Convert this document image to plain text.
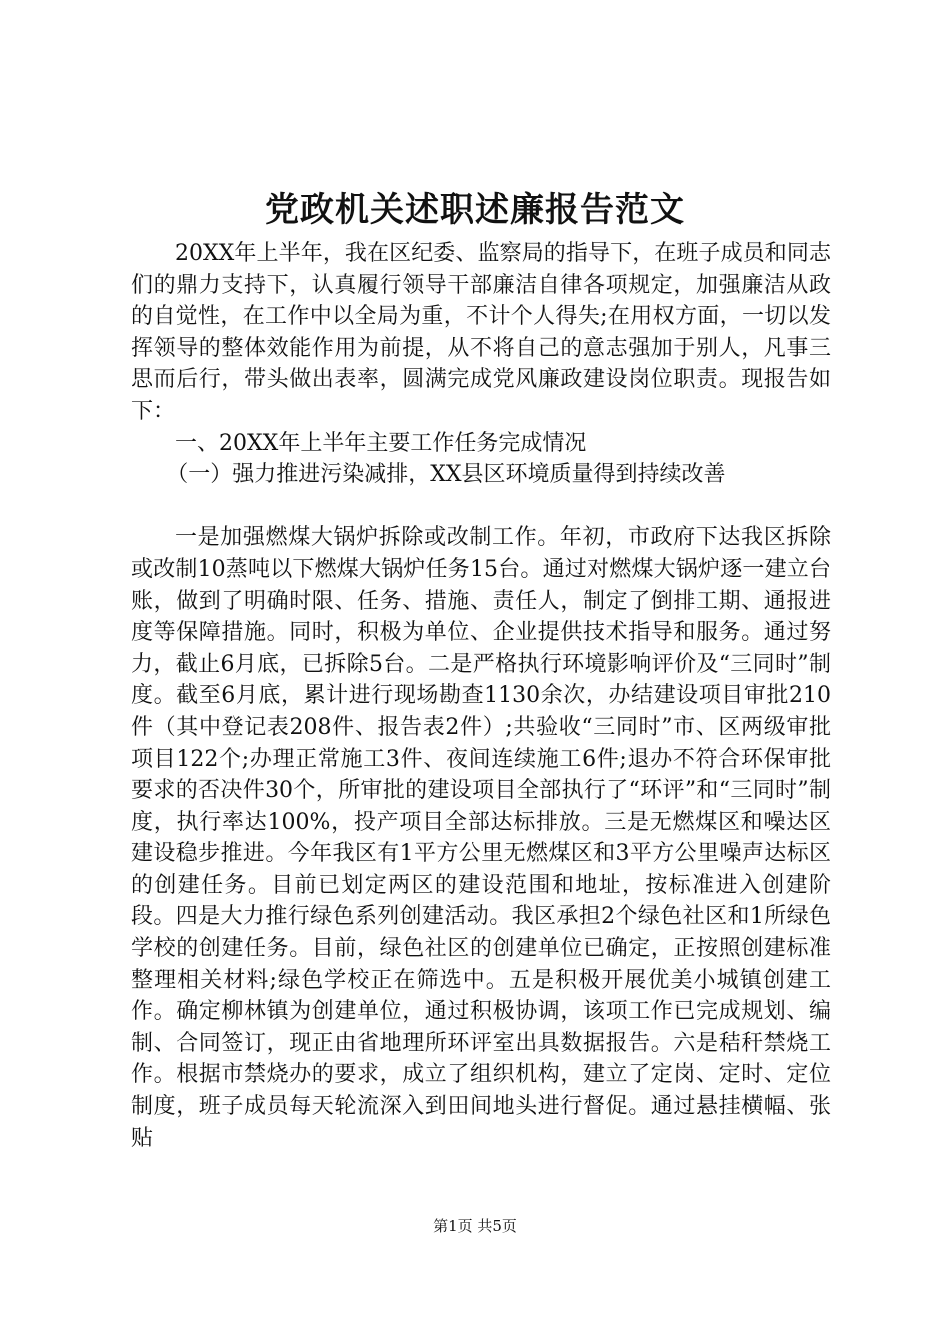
党政机关述职述廉报告范文

20XX年上半年，我在区纪委、监察局的指导下，在班子成员和同志们的鼎力支持下，认真履行领导干部廉洁自律各项规定，加强廉洁从政的自觉性，在工作中以全局为重，不计个人得失;在用权方面，一切以发挥领导的整体效能作用为前提，从不将自己的意志强加于别人，凡事三思而后行，带头做出表率，圆满完成党风廉政建设岗位职责。现报告如下：

一、20XX年上半年主要工作任务完成情况

（一）强力推进污染减排，XX县区环境质量得到持续改善

一是加强燃煤大锅炉拆除或改制工作。年初，市政府下达我区拆除或改制10蒸吨以下燃煤大锅炉任务15台。通过对燃煤大锅炉逐一建立台账，做到了明确时限、任务、措施、责任人，制定了倒排工期、通报进度等保障措施。同时，积极为单位、企业提供技术指导和服务。通过努力，截止6月底，已拆除5台。二是严格执行环境影响评价及“三同时”制度。截至6月底，累计进行现场勘查1130余次，办结建设项目审批210件（其中登记表208件、报告表2件）;共验收“三同时”市、区两级审批项目122个;办理正常施工3件、夜间连续施工6件;退办不符合环保审批要求的否决件30个，所审批的建设项目全部执行了“环评”和“三同时”制度，执行率达100%，投产项目全部达标排放。三是无燃煤区和噪达区建设稳步推进。今年我区有1平方公里无燃煤区和3平方公里噪声达标区的创建任务。目前已划定两区的建设范围和地址，按标准进入创建阶段。四是大力推行绿色系列创建活动。我区承担2个绿色社区和1所绿色学校的创建任务。目前，绿色社区的创建单位已确定，正按照创建标准整理相关材料;绿色学校正在筛选中。五是积极开展优美小城镇创建工作。确定柳林镇为创建单位，通过积极协调，该项工作已完成规划、编制、合同签订，现正由省地理所环评室出具数据报告。六是秸秆禁烧工作。根据市禁烧办的要求，成立了组织机构，建立了定岗、定时、定位制度，班子成员每天轮流深入到田间地头进行督促。通过悬挂横幅、张贴

第1页 共5页
